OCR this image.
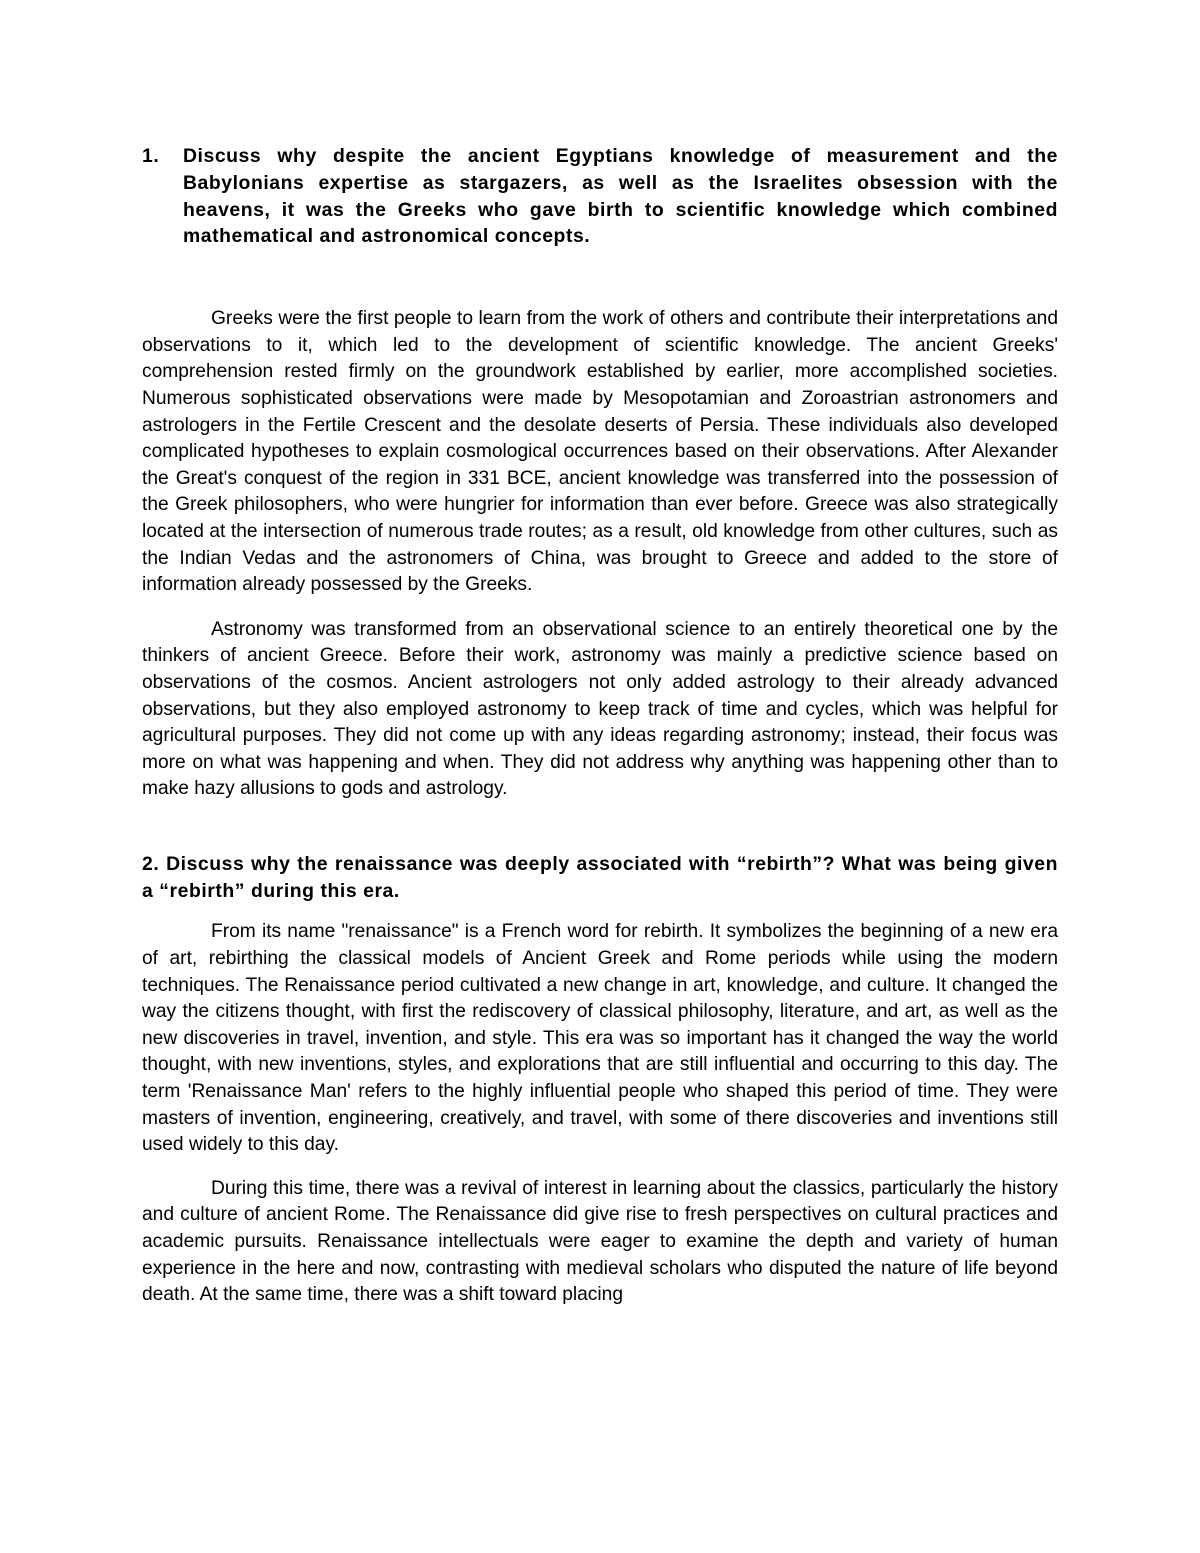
1.	Discuss why despite the ancient Egyptians knowledge of measurement and the Babylonians expertise as stargazers, as well as the Israelites obsession with the heavens, it was the Greeks who gave birth to scientific knowledge which combined mathematical and astronomical concepts.

Greeks were the first people to learn from the work of others and contribute their interpretations and observations to it, which led to the development of scientific knowledge. The ancient Greeks' comprehension rested firmly on the groundwork established by earlier, more accomplished societies. Numerous sophisticated observations were made by Mesopotamian and Zoroastrian astronomers and astrologers in the Fertile Crescent and the desolate deserts of Persia. These individuals also developed complicated hypotheses to explain cosmological occurrences based on their observations. After Alexander the Great's conquest of the region in 331 BCE, ancient knowledge was transferred into the possession of the Greek philosophers, who were hungrier for information than ever before. Greece was also strategically located at the intersection of numerous trade routes; as a result, old knowledge from other cultures, such as the Indian Vedas and the astronomers of China, was brought to Greece and added to the store of information already possessed by the Greeks.

Astronomy was transformed from an observational science to an entirely theoretical one by the thinkers of ancient Greece. Before their work, astronomy was mainly a predictive science based on observations of the cosmos. Ancient astrologers not only added astrology to their already advanced observations, but they also employed astronomy to keep track of time and cycles, which was helpful for agricultural purposes. They did not come up with any ideas regarding astronomy; instead, their focus was more on what was happening and when. They did not address why anything was happening other than to make hazy allusions to gods and astrology.

2. Discuss why the renaissance was deeply associated with “rebirth”? What was being given a “rebirth” during this era.

From its name "renaissance" is a French word for rebirth. It symbolizes the beginning of a new era of art, rebirthing the classical models of Ancient Greek and Rome periods while using the modern techniques. The Renaissance period cultivated a new change in art, knowledge, and culture. It changed the way the citizens thought, with first the rediscovery of classical philosophy, literature, and art, as well as the new discoveries in travel, invention, and style. This era was so important has it changed the way the world thought, with new inventions, styles, and explorations that are still influential and occurring to this day. The term 'Renaissance Man' refers to the highly influential people who shaped this period of time. They were masters of invention, engineering, creatively, and travel, with some of there discoveries and inventions still used widely to this day.

During this time, there was a revival of interest in learning about the classics, particularly the history and culture of ancient Rome. The Renaissance did give rise to fresh perspectives on cultural practices and academic pursuits. Renaissance intellectuals were eager to examine the depth and variety of human experience in the here and now, contrasting with medieval scholars who disputed the nature of life beyond death. At the same time, there was a shift toward placing
